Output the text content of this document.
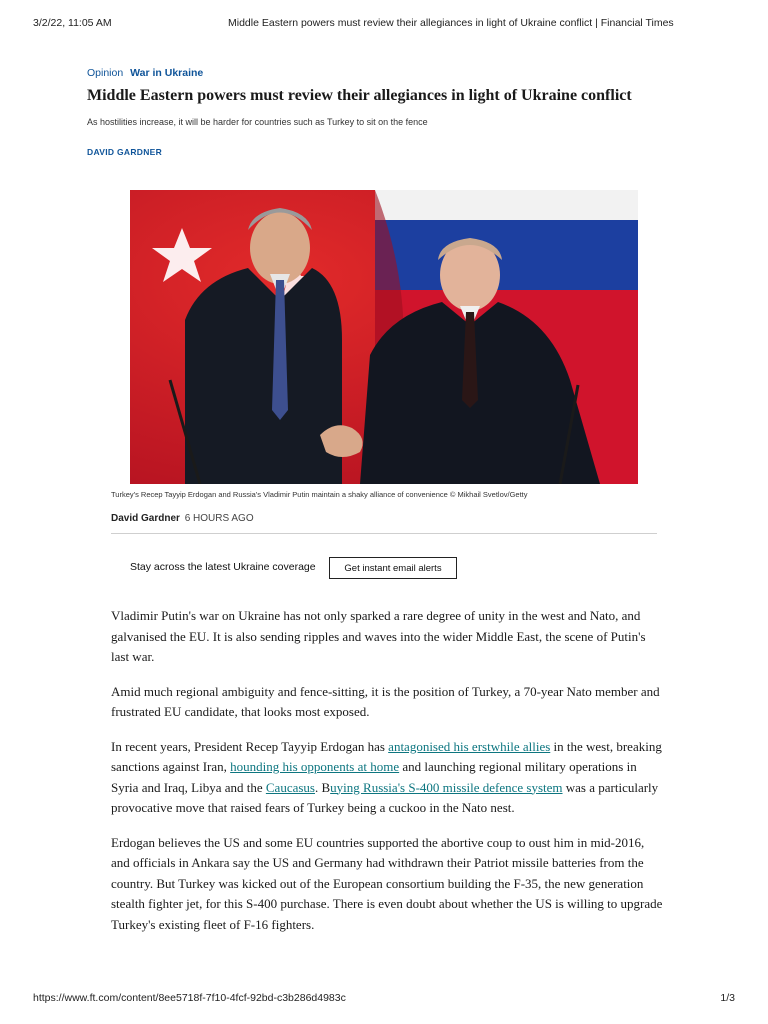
3/2/22, 11:05 AM	Middle Eastern powers must review their allegiances in light of Ukraine conflict | Financial Times
Opinion War in Ukraine
Middle Eastern powers must review their allegiances in light of Ukraine conflict

As hostilities increase, it will be harder for countries such as Turkey to sit on the fence

DAVID GARDNER

Turkey's Recep Tayyip Erdogan and Russia's Vladimir Putin maintain a shaky alliance of convenience © Mikhail Svetlov/Getty

David Gardner 6 HOURS AGO
Stay across the latest Ukraine coverage	Get instant email alerts

Vladimir Putin's war on Ukraine has not only sparked a rare degree of unity in the west and Nato, and galvanised the EU. It is also sending ripples and waves into the wider Middle East, the scene of Putin's last war.

Amid much regional ambiguity and fence-sitting, it is the position of Turkey, a 70-year Nato member and frustrated EU candidate, that looks most exposed.

In recent years, President Recep Tayyip Erdogan has antagonised his erstwhile allies in the west, breaking sanctions against Iran, hounding his opponents at home and launching regional military operations in Syria and Iraq, Libya and the Caucasus. Buying Russia's S-400 missile defence system was a particularly provocative move that raised fears of Turkey being a cuckoo in the Nato nest.

Erdogan believes the US and some EU countries supported the abortive coup to oust him in mid-2016, and officials in Ankara say the US and Germany had withdrawn their Patriot missile batteries from the country. But Turkey was kicked out of the European consortium building the F-35, the new generation stealth fighter jet, for this S-400 purchase. There is even doubt about whether the US is willing to upgrade Turkey's existing fleet of F-16 fighters.

https://www.ft.com/content/8ee5718f-7f10-4fcf-92bd-c3b286d4983c	1/3
